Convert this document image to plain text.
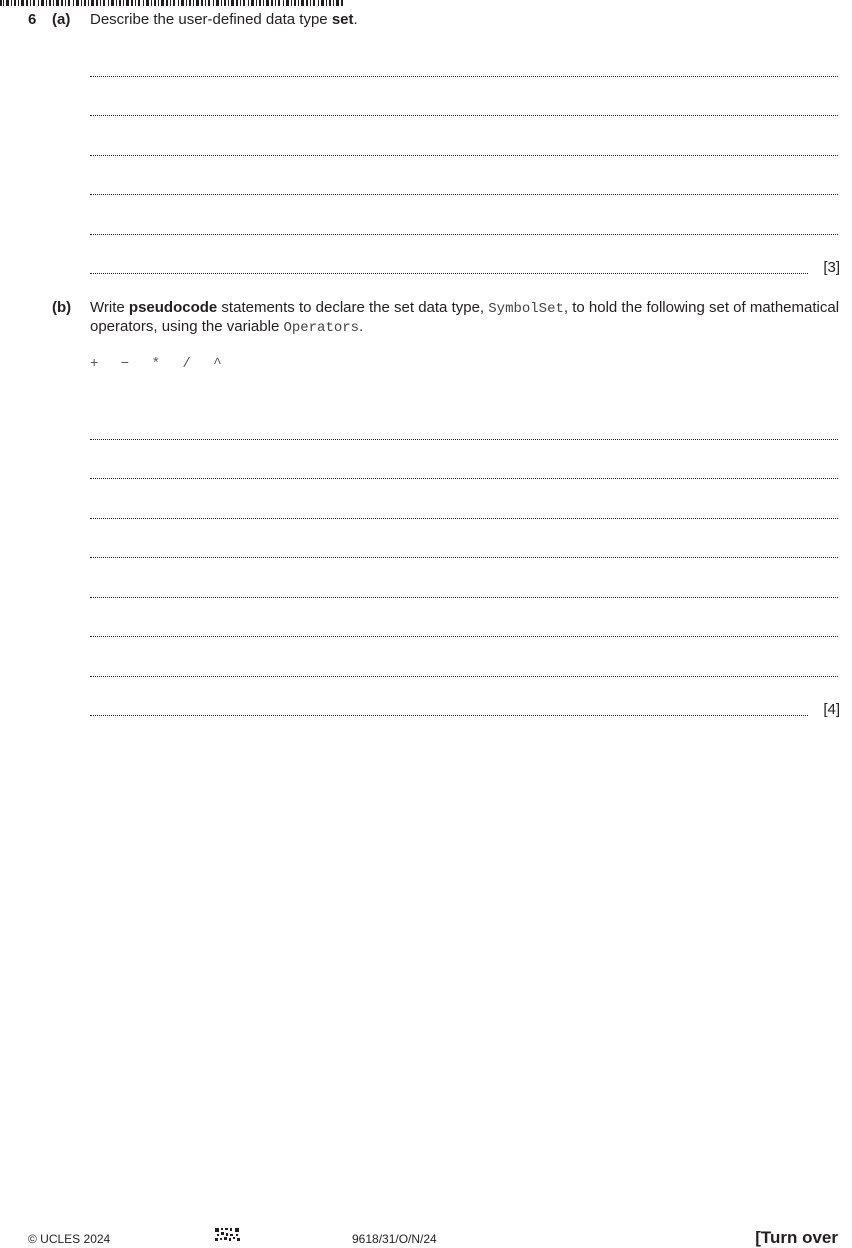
6 (a) Describe the user-defined data type set.
[3]
(b) Write pseudocode statements to declare the set data type, SymbolSet, to hold the following set of mathematical operators, using the variable Operators.
+ − * / ^
[4]
© UCLES 2024	9618/31/O/N/24	[Turn over
